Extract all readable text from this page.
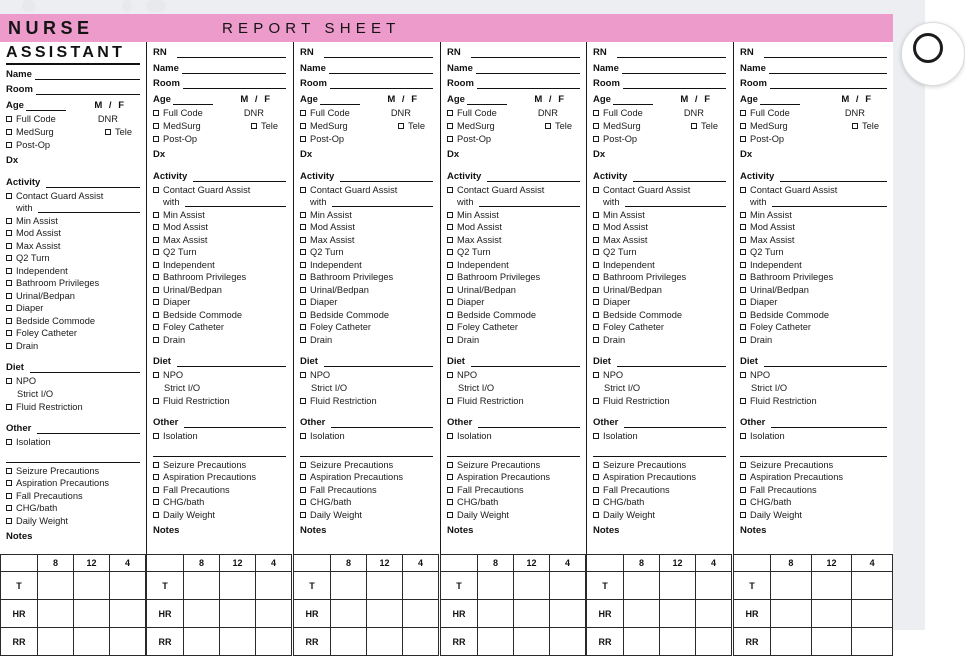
NURSE	REPORT SHEET
ASSISTANT
Name
Room
Age	M / F
Full Code	DNR
MedSurg	Tele
Post-Op
Dx
Activity
Contact Guard Assist
with
Min Assist
Mod Assist
Max Assist
Q2 Turn
Independent
Bathroom Privileges
Urinal/Bedpan
Diaper
Bedside Commode
Foley Catheter
Drain
Diet
NPO
Strict I/O
Fluid Restriction
Other
Isolation
Seizure Precautions
Aspiration Precautions
Fall Precautions
CHG/bath
Daily Weight
Notes
RN
Name
Room
Age	M / F
Full Code	DNR
MedSurg	Tele
Post-Op
Dx
Activity
Contact Guard Assist
with
Min Assist
Mod Assist
Max Assist
Q2 Turn
Independent
Bathroom Privileges
Urinal/Bedpan
Diaper
Bedside Commode
Foley Catheter
Drain
Diet
NPO
Strict I/O
Fluid Restriction
Other
Isolation
Seizure Precautions
Aspiration Precautions
Fall Precautions
CHG/bath
Daily Weight
Notes
RN
Name
Room
Age	M / F
Full Code	DNR
MedSurg	Tele
Post-Op
Dx
Activity
Contact Guard Assist
with
Min Assist
Mod Assist
Max Assist
Q2 Turn
Independent
Bathroom Privileges
Urinal/Bedpan
Diaper
Bedside Commode
Foley Catheter
Drain
Diet
NPO
Strict I/O
Fluid Restriction
Other
Isolation
Seizure Precautions
Aspiration Precautions
Fall Precautions
CHG/bath
Daily Weight
Notes
RN
Name
Room
Age	M / F
Full Code	DNR
MedSurg	Tele
Post-Op
Dx
Activity
Contact Guard Assist
with
Min Assist
Mod Assist
Max Assist
Q2 Turn
Independent
Bathroom Privileges
Urinal/Bedpan
Diaper
Bedside Commode
Foley Catheter
Drain
Diet
NPO
Strict I/O
Fluid Restriction
Other
Isolation
Seizure Precautions
Aspiration Precautions
Fall Precautions
CHG/bath
Daily Weight
Notes
RN
Name
Room
Age	M / F
Full Code	DNR
MedSurg	Tele
Post-Op
Dx
Activity
Contact Guard Assist
with
Min Assist
Mod Assist
Max Assist
Q2 Turn
Independent
Bathroom Privileges
Urinal/Bedpan
Diaper
Bedside Commode
Foley Catheter
Drain
Diet
NPO
Strict I/O
Fluid Restriction
Other
Isolation
Seizure Precautions
Aspiration Precautions
Fall Precautions
CHG/bath
Daily Weight
Notes
RN
Name
Room
Age	M / F
Full Code	DNR
MedSurg	Tele
Post-Op
Dx
Activity
Contact Guard Assist
with
Min Assist
Mod Assist
Max Assist
Q2 Turn
Independent
Bathroom Privileges
Urinal/Bedpan
Diaper
Bedside Commode
Foley Catheter
Drain
Diet
NPO
Strict I/O
Fluid Restriction
Other
Isolation
Seizure Precautions
Aspiration Precautions
Fall Precautions
CHG/bath
Daily Weight
Notes
	8	12	4
T			
HR			
RR			
	8	12	4
T			
HR			
RR			
	8	12	4
T			
HR			
RR			
	8	12	4
T			
HR			
RR			
	8	12	4
T			
HR			
RR			
	8	12	4
T			
HR			
RR			
